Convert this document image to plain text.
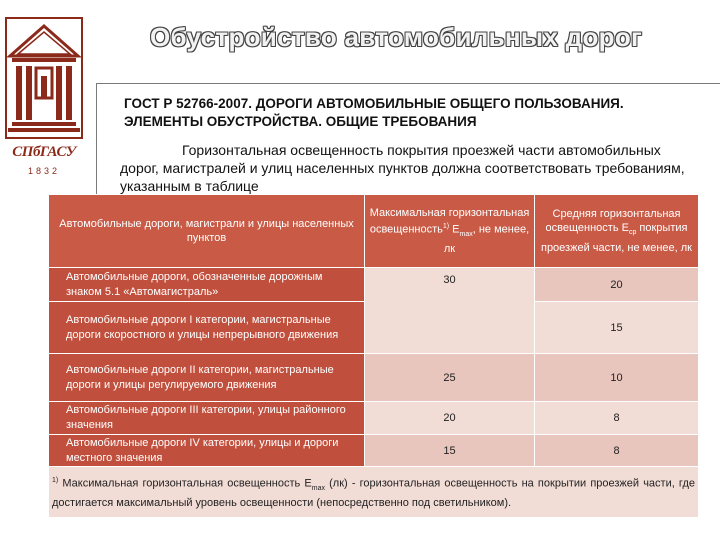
СПбГАСУ
1832
Обустройство автомобильных дорог
ГОСТ Р 52766-2007. ДОРОГИ АВТОМОБИЛЬНЫЕ ОБЩЕГО ПОЛЬЗОВАНИЯ. ЭЛЕМЕНТЫ ОБУСТРОЙСТВА. ОБЩИЕ ТРЕБОВАНИЯ
Горизонтальная освещенность покрытия проезжей части автомобильных дорог, магистралей и улиц населенных пунктов должна соответствовать требованиям, указанным в таблице
Автомобильные дороги, магистрали и улицы населенных пунктов	Максимальная горизонтальная освещенность$^{1)}$ $E_{max}$, не менее, лк	Средняя горизонтальная освещенность $E_{ср}$ покрытия проезжей части, не менее, лк

Автомобильные дороги, обозначенные дорожным знаком 5.1 «Автомагистраль»	30	20

Автомобильные дороги I категории, магистральные дороги скоростного и улицы непрерывного движения		15

Автомобильные дороги II категории, магистральные дороги и улицы регулируемого движения	25	10

Автомобильные дороги III категории, улицы районного значения	20	8

Автомобильные дороги IV категории, улицы и дороги местного значения	15	8
$^{1)}$ Максимальная горизонтальная освещенность $E_{max}$ (лк) - горизонтальная освещенность на покрытии проезжей части, где достигается максимальный уровень освещенности (непосредственно под светильником).		
